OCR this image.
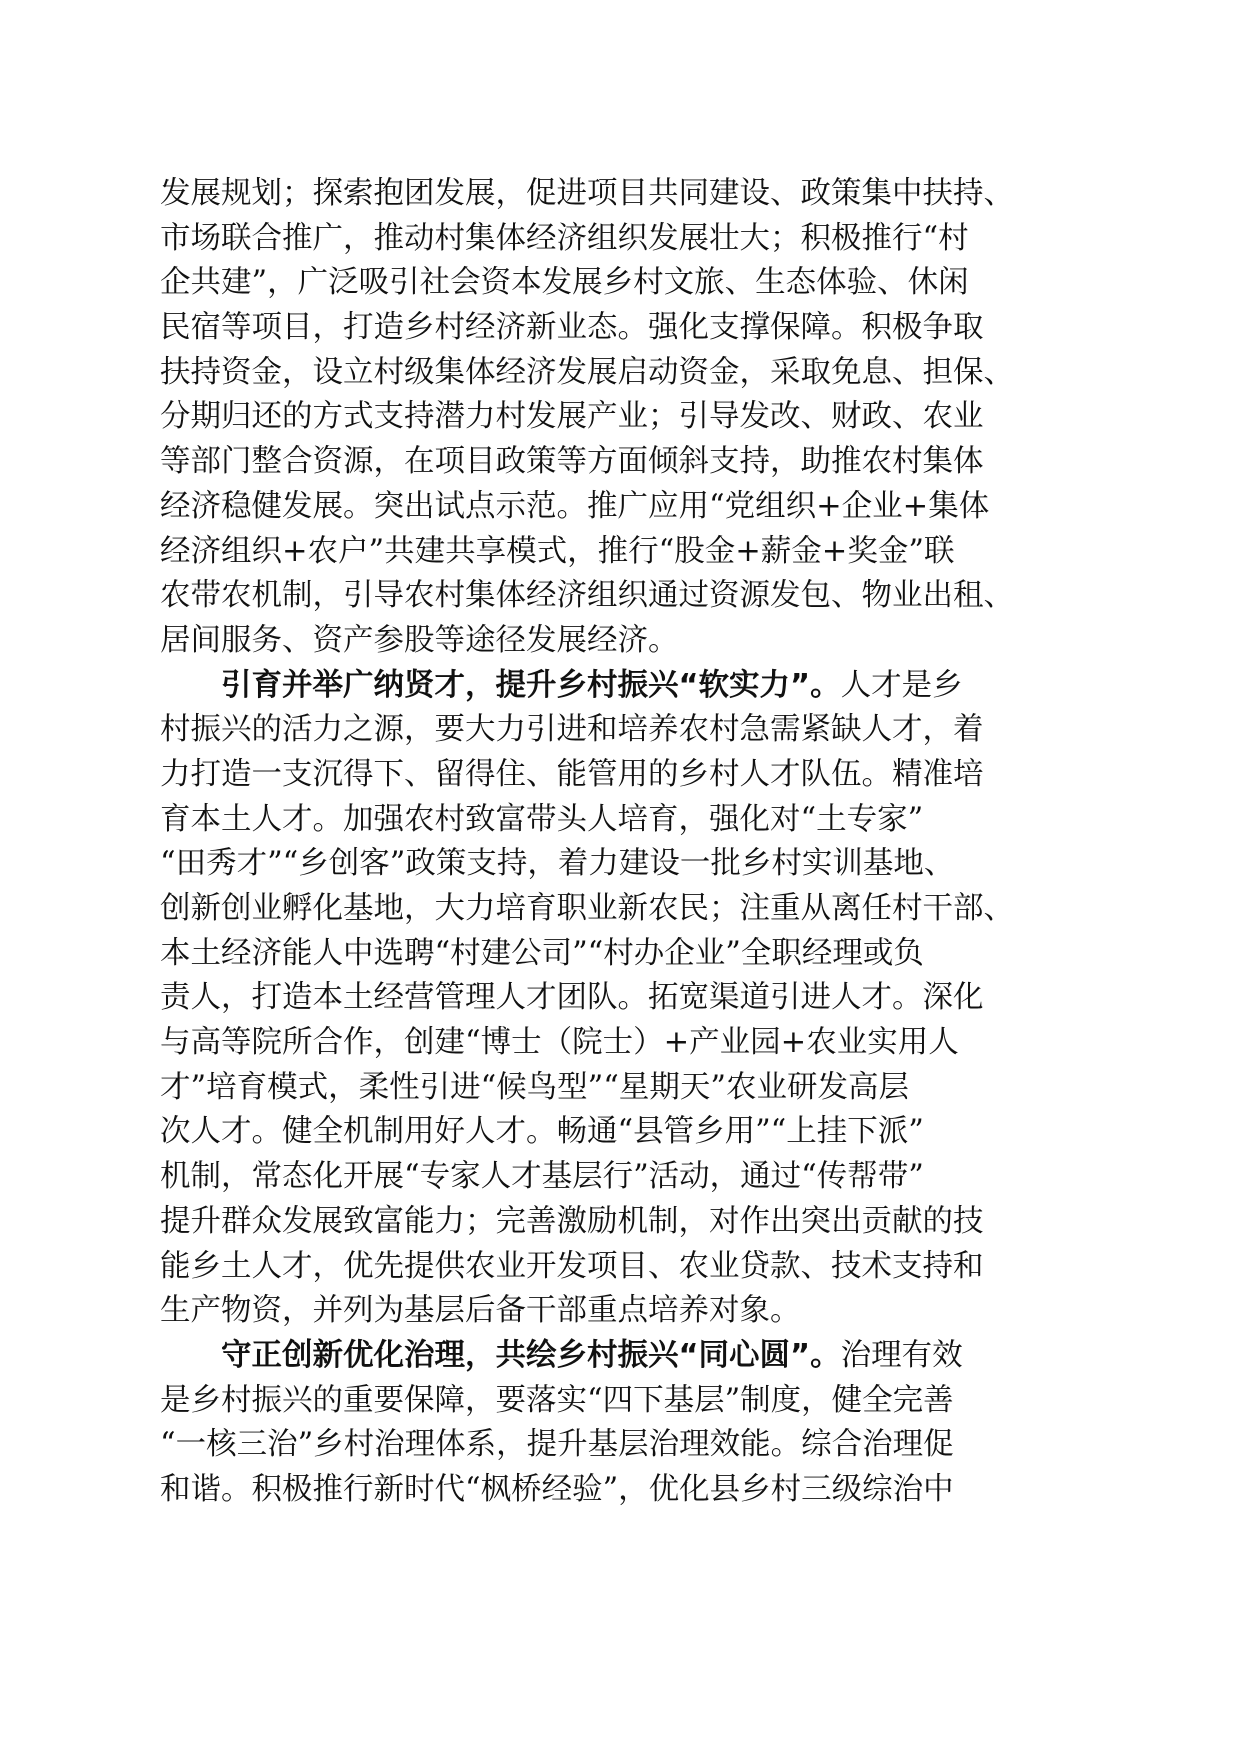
发展规划；探索抱团发展，促进项目共同建设、政策集中扶持、
市场联合推广，推动村集体经济组织发展壮大；积极推行“村
企共建”，广泛吸引社会资本发展乡村文旅、生态体验、休闲
民宿等项目，打造乡村经济新业态。强化支撑保障。积极争取
扶持资金，设立村级集体经济发展启动资金，采取免息、担保、
分期归还的方式支持潜力村发展产业；引导发改、财政、农业
等部门整合资源，在项目政策等方面倾斜支持，助推农村集体
经济稳健发展。突出试点示范。推广应用“党组织+企业+集体
经济组织+农户”共建共享模式，推行“股金+薪金+奖金”联
农带农机制，引导农村集体经济组织通过资源发包、物业出租、
居间服务、资产参股等途径发展经济。
引育并举广纳贤才，提升乡村振兴“软实力”。人才是乡
村振兴的活力之源，要大力引进和培养农村急需紧缺人才，着
力打造一支沉得下、留得住、能管用的乡村人才队伍。精准培
育本土人才。加强农村致富带头人培育，强化对“土专家”
“田秀才”“乡创客”政策支持，着力建设一批乡村实训基地、
创新创业孵化基地，大力培育职业新农民；注重从离任村干部、
本土经济能人中选聘“村建公司”“村办企业”全职经理或负
责人，打造本土经营管理人才团队。拓宽渠道引进人才。深化
与高等院所合作，创建“博士（院士）+产业园+农业实用人
才”培育模式，柔性引进“候鸟型”“星期天”农业研发高层
次人才。健全机制用好人才。畅通“县管乡用”“上挂下派”
机制，常态化开展“专家人才基层行”活动，通过“传帮带”
提升群众发展致富能力；完善激励机制，对作出突出贡献的技
能乡土人才，优先提供农业开发项目、农业贷款、技术支持和
生产物资，并列为基层后备干部重点培养对象。
守正创新优化治理，共绘乡村振兴“同心圆”。治理有效
是乡村振兴的重要保障，要落实“四下基层”制度，健全完善
“一核三治”乡村治理体系，提升基层治理效能。综合治理促
和谐。积极推行新时代“枫桥经验”，优化县乡村三级综治中
